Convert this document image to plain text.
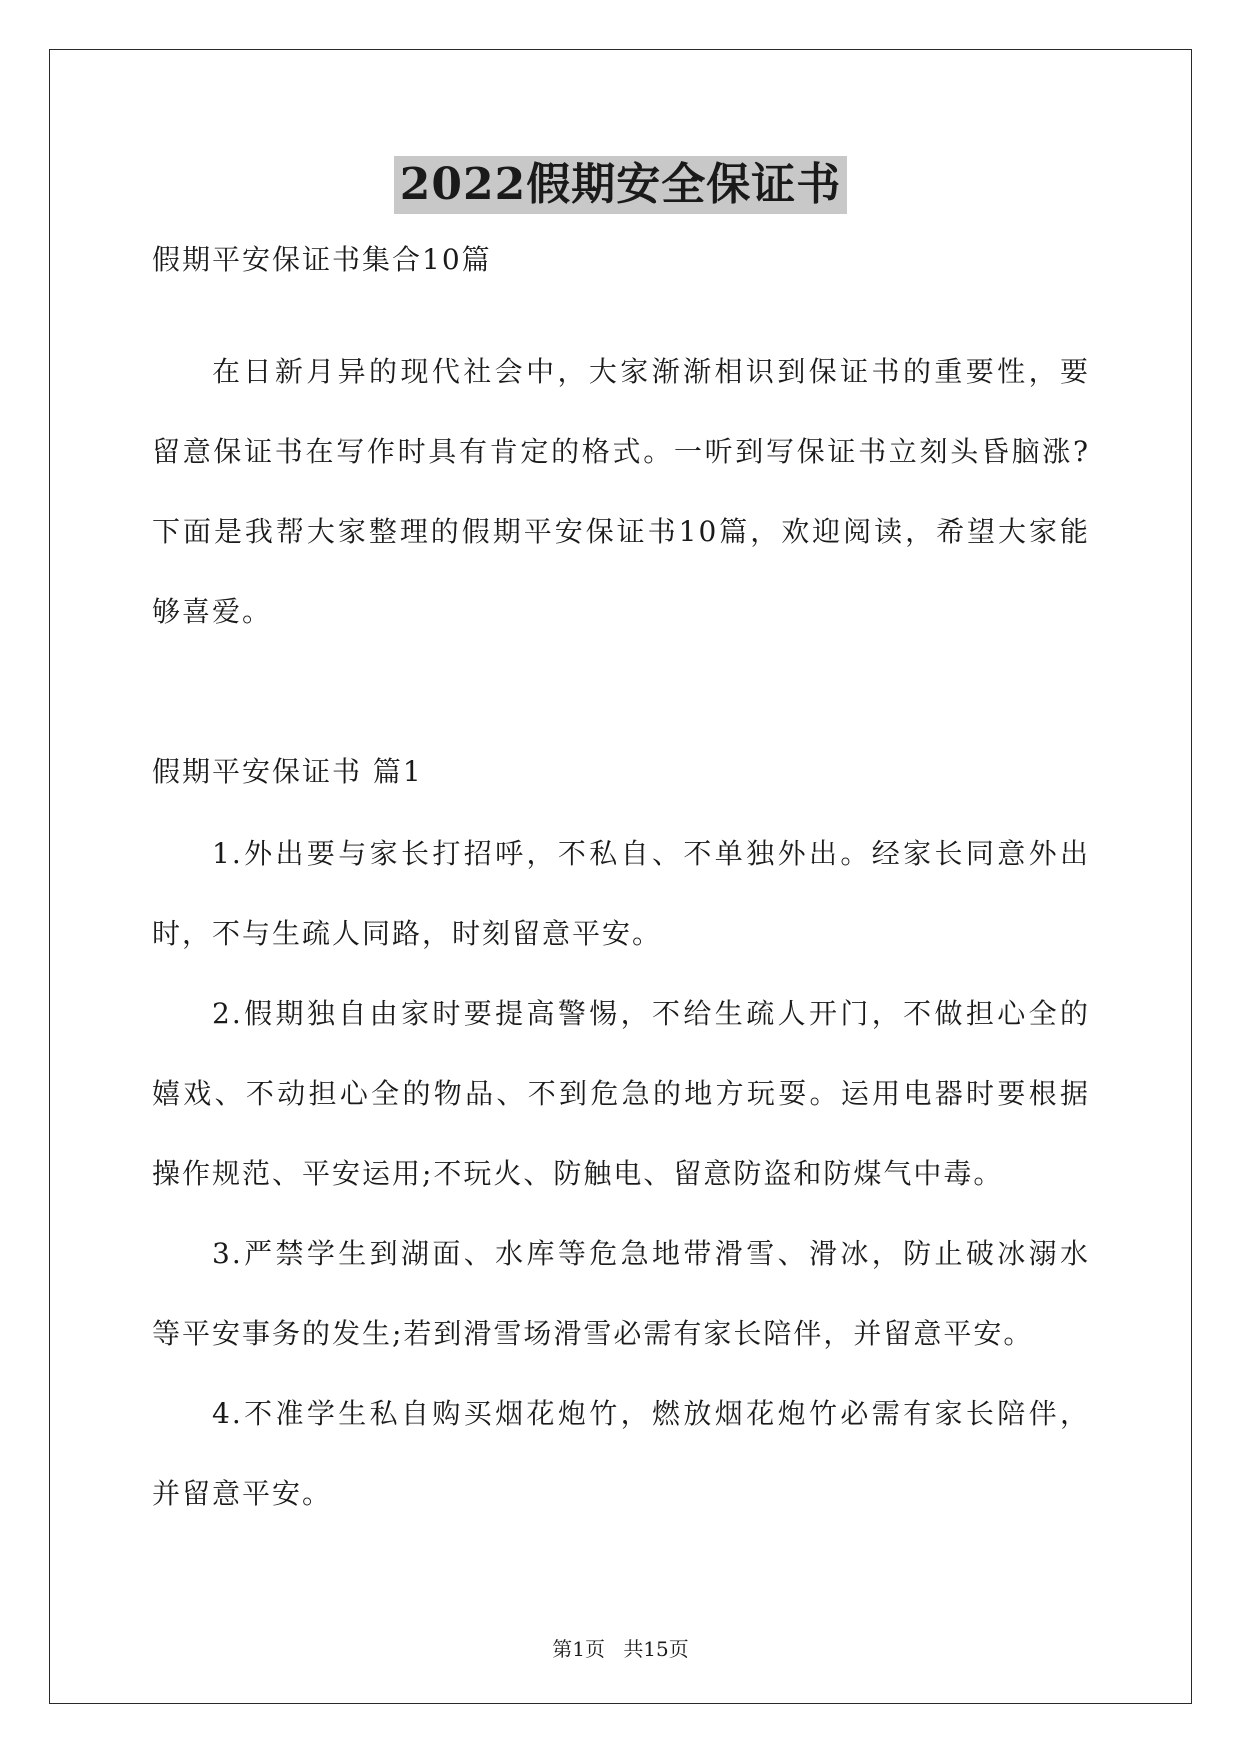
2022假期安全保证书
假期平安保证书集合10篇
在日新月异的现代社会中，大家渐渐相识到保证书的重要性，要
留意保证书在写作时具有肯定的格式。一听到写保证书立刻头昏脑涨?
下面是我帮大家整理的假期平安保证书10篇，欢迎阅读，希望大家能
够喜爱。
假期平安保证书 篇1
1.外出要与家长打招呼，不私自、不单独外出。经家长同意外出
时，不与生疏人同路，时刻留意平安。
2.假期独自由家时要提高警惕，不给生疏人开门，不做担心全的
嬉戏、不动担心全的物品、不到危急的地方玩耍。运用电器时要根据
操作规范、平安运用;不玩火、防触电、留意防盗和防煤气中毒。
3.严禁学生到湖面、水库等危急地带滑雪、滑冰，防止破冰溺水
等平安事务的发生;若到滑雪场滑雪必需有家长陪伴，并留意平安。
4.不准学生私自购买烟花炮竹，燃放烟花炮竹必需有家长陪伴，
并留意平安。
第1页 共15页
